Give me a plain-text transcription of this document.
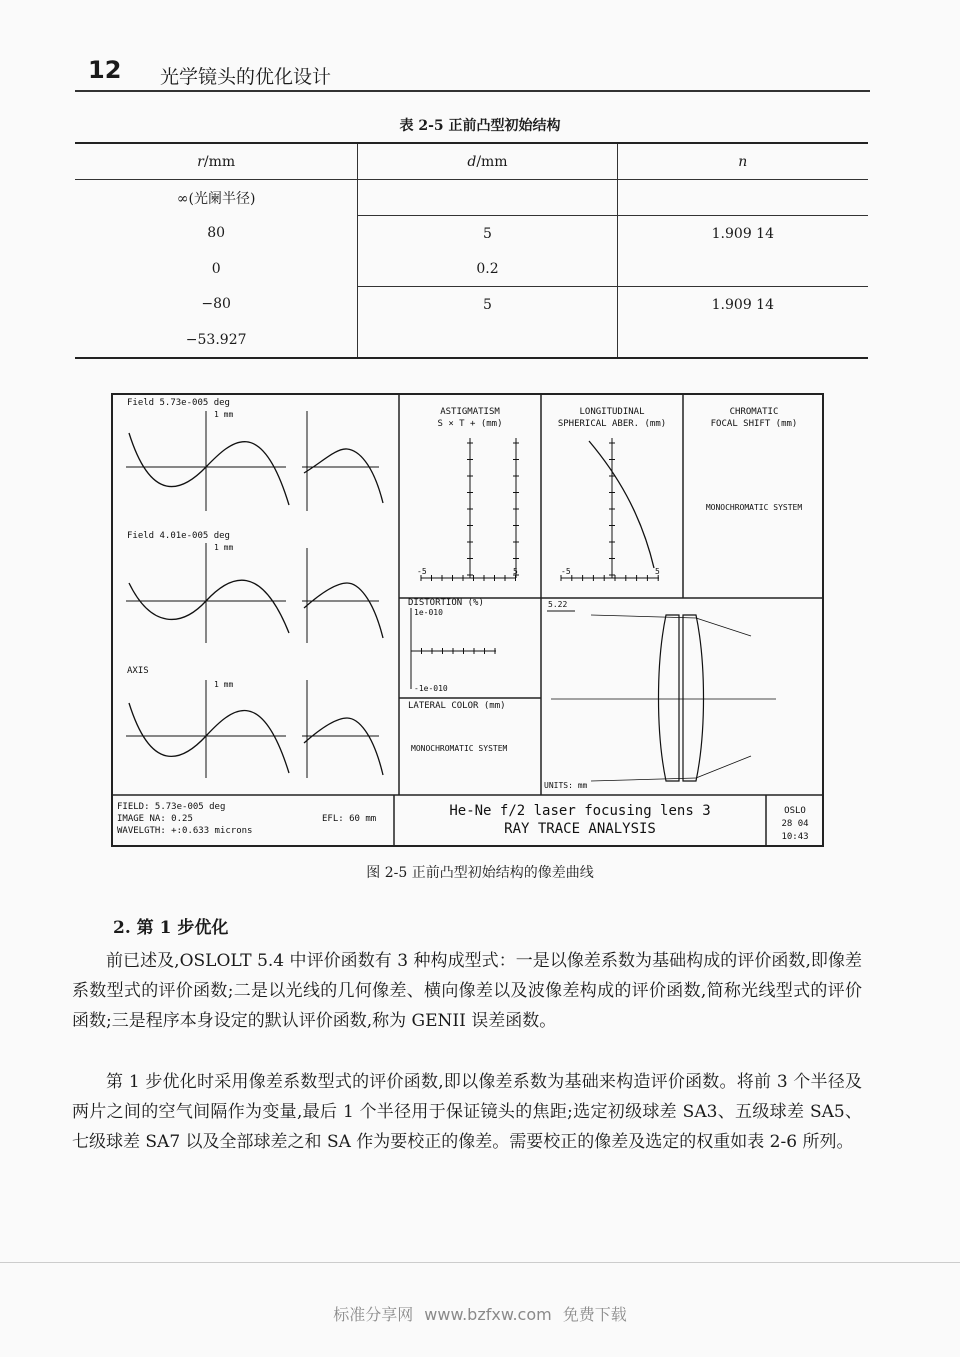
12 光学镜头的优化设计
表 2-5 正前凸型初始结构
r/mm	d/mm	n
∞(光阑半径)		
80	5	1.909 14
0	0.2	
−80	5	1.909 14
−53.927		
Field 5.73e-005 deg
1 mm
Field 4.01e-005 deg
1 mm
AXIS
1 mm
ASTIGMATISM
S × T + (mm)
-5	5
LONGITUDINAL
SPHERICAL ABER. (mm)
-5	5
CHROMATIC
FOCAL SHIFT (mm)
MONOCHROMATIC SYSTEM
DISTORTION (%)
1e-010
-1e-010
LATERAL COLOR (mm)
MONOCHROMATIC SYSTEM
5.22
UNITS: mm
FIELD: 5.73e-005 deg
IMAGE NA: 0.25
WAVELGTH: +:0.633 microns
EFL: 60 mm	He-Ne f/2 laser focusing lens 3
RAY TRACE ANALYSIS
OSLO
28 04
10:43
图 2-5 正前凸型初始结构的像差曲线
2. 第 1 步优化

前已述及,OSLOLT 5.4 中评价函数有 3 种构成型式：一是以像差系数为基础构成的评价函数,即像差系数型式的评价函数;二是以光线的几何像差、横向像差以及波像差构成的评价函数,简称光线型式的评价函数;三是程序本身设定的默认评价函数,称为 GENII 误差函数。

第 1 步优化时采用像差系数型式的评价函数,即以像差系数为基础来构造评价函数。将前 3 个半径及两片之间的空气间隔作为变量,最后 1 个半径用于保证镜头的焦距;选定初级球差 SA3、五级球差 SA5、七级球差 SA7 以及全部球差之和 SA 作为要校正的像差。需要校正的像差及选定的权重如表 2-6 所列。

标准分享网 www.bzfxw.com 免费下载
